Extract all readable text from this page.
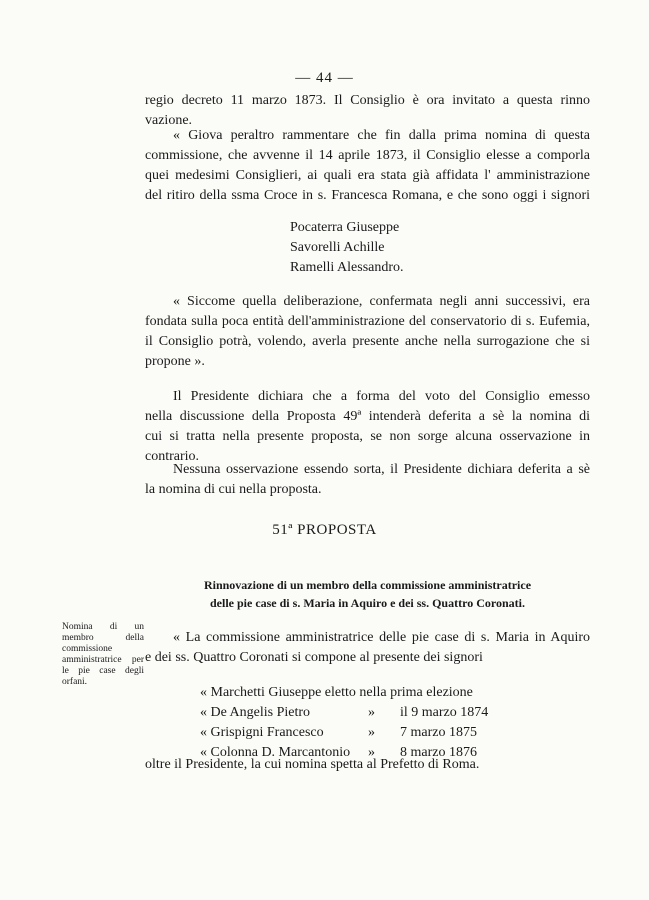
— 44 —
regio decreto 11 marzo 1873. Il Consiglio è ora invitato a questa rinno
vazione.
« Giova peraltro rammentare che fin dalla prima nomina di questa
commissione, che avvenne il 14 aprile 1873, il Consiglio elesse a comporla
quei medesimi Consiglieri, ai quali era stata già affidata l' amministrazione
del ritiro della ssma Croce in s. Francesca Romana, e che sono oggi i signori
Pocaterra Giuseppe
Savorelli Achille
Ramelli Alessandro.
« Siccome quella deliberazione, confermata negli anni successivi, era
fondata sulla poca entità dell'amministrazione del conservatorio di s. Eufemia,
il Consiglio potrà, volendo, averla presente anche nella surrogazione che si
propone ».
Il Presidente dichiara che a forma del voto del Consiglio emesso
nella discussione della Proposta 49ª intenderà deferita a sè la nomina di
cui si tratta nella presente proposta, se non sorge alcuna osservazione in
contrario.
Nessuna osservazione essendo sorta, il Presidente dichiara deferita a sè
la nomina di cui nella proposta.
51ª PROPOSTA
Rinnovazione di un membro della commissione amministratrice
delle pie case di s. Maria in Aquiro e dei ss. Quattro Coronati.
Nomina di un membro della commissione amministratrice per le pie case degli orfani.
« La commissione amministratrice delle pie case di s. Maria in Aquiro
e dei ss. Quattro Coronati si compone al presente dei signori
« Marchetti Giuseppe eletto nella prima elezione
« De Angelis Pietro	» il 9 marzo 1874
« Grispigni Francesco	» 7 marzo 1875
« Colonna D. Marcantonio » 8 marzo 1876
oltre il Presidente, la cui nomina spetta al Prefetto di Roma.
